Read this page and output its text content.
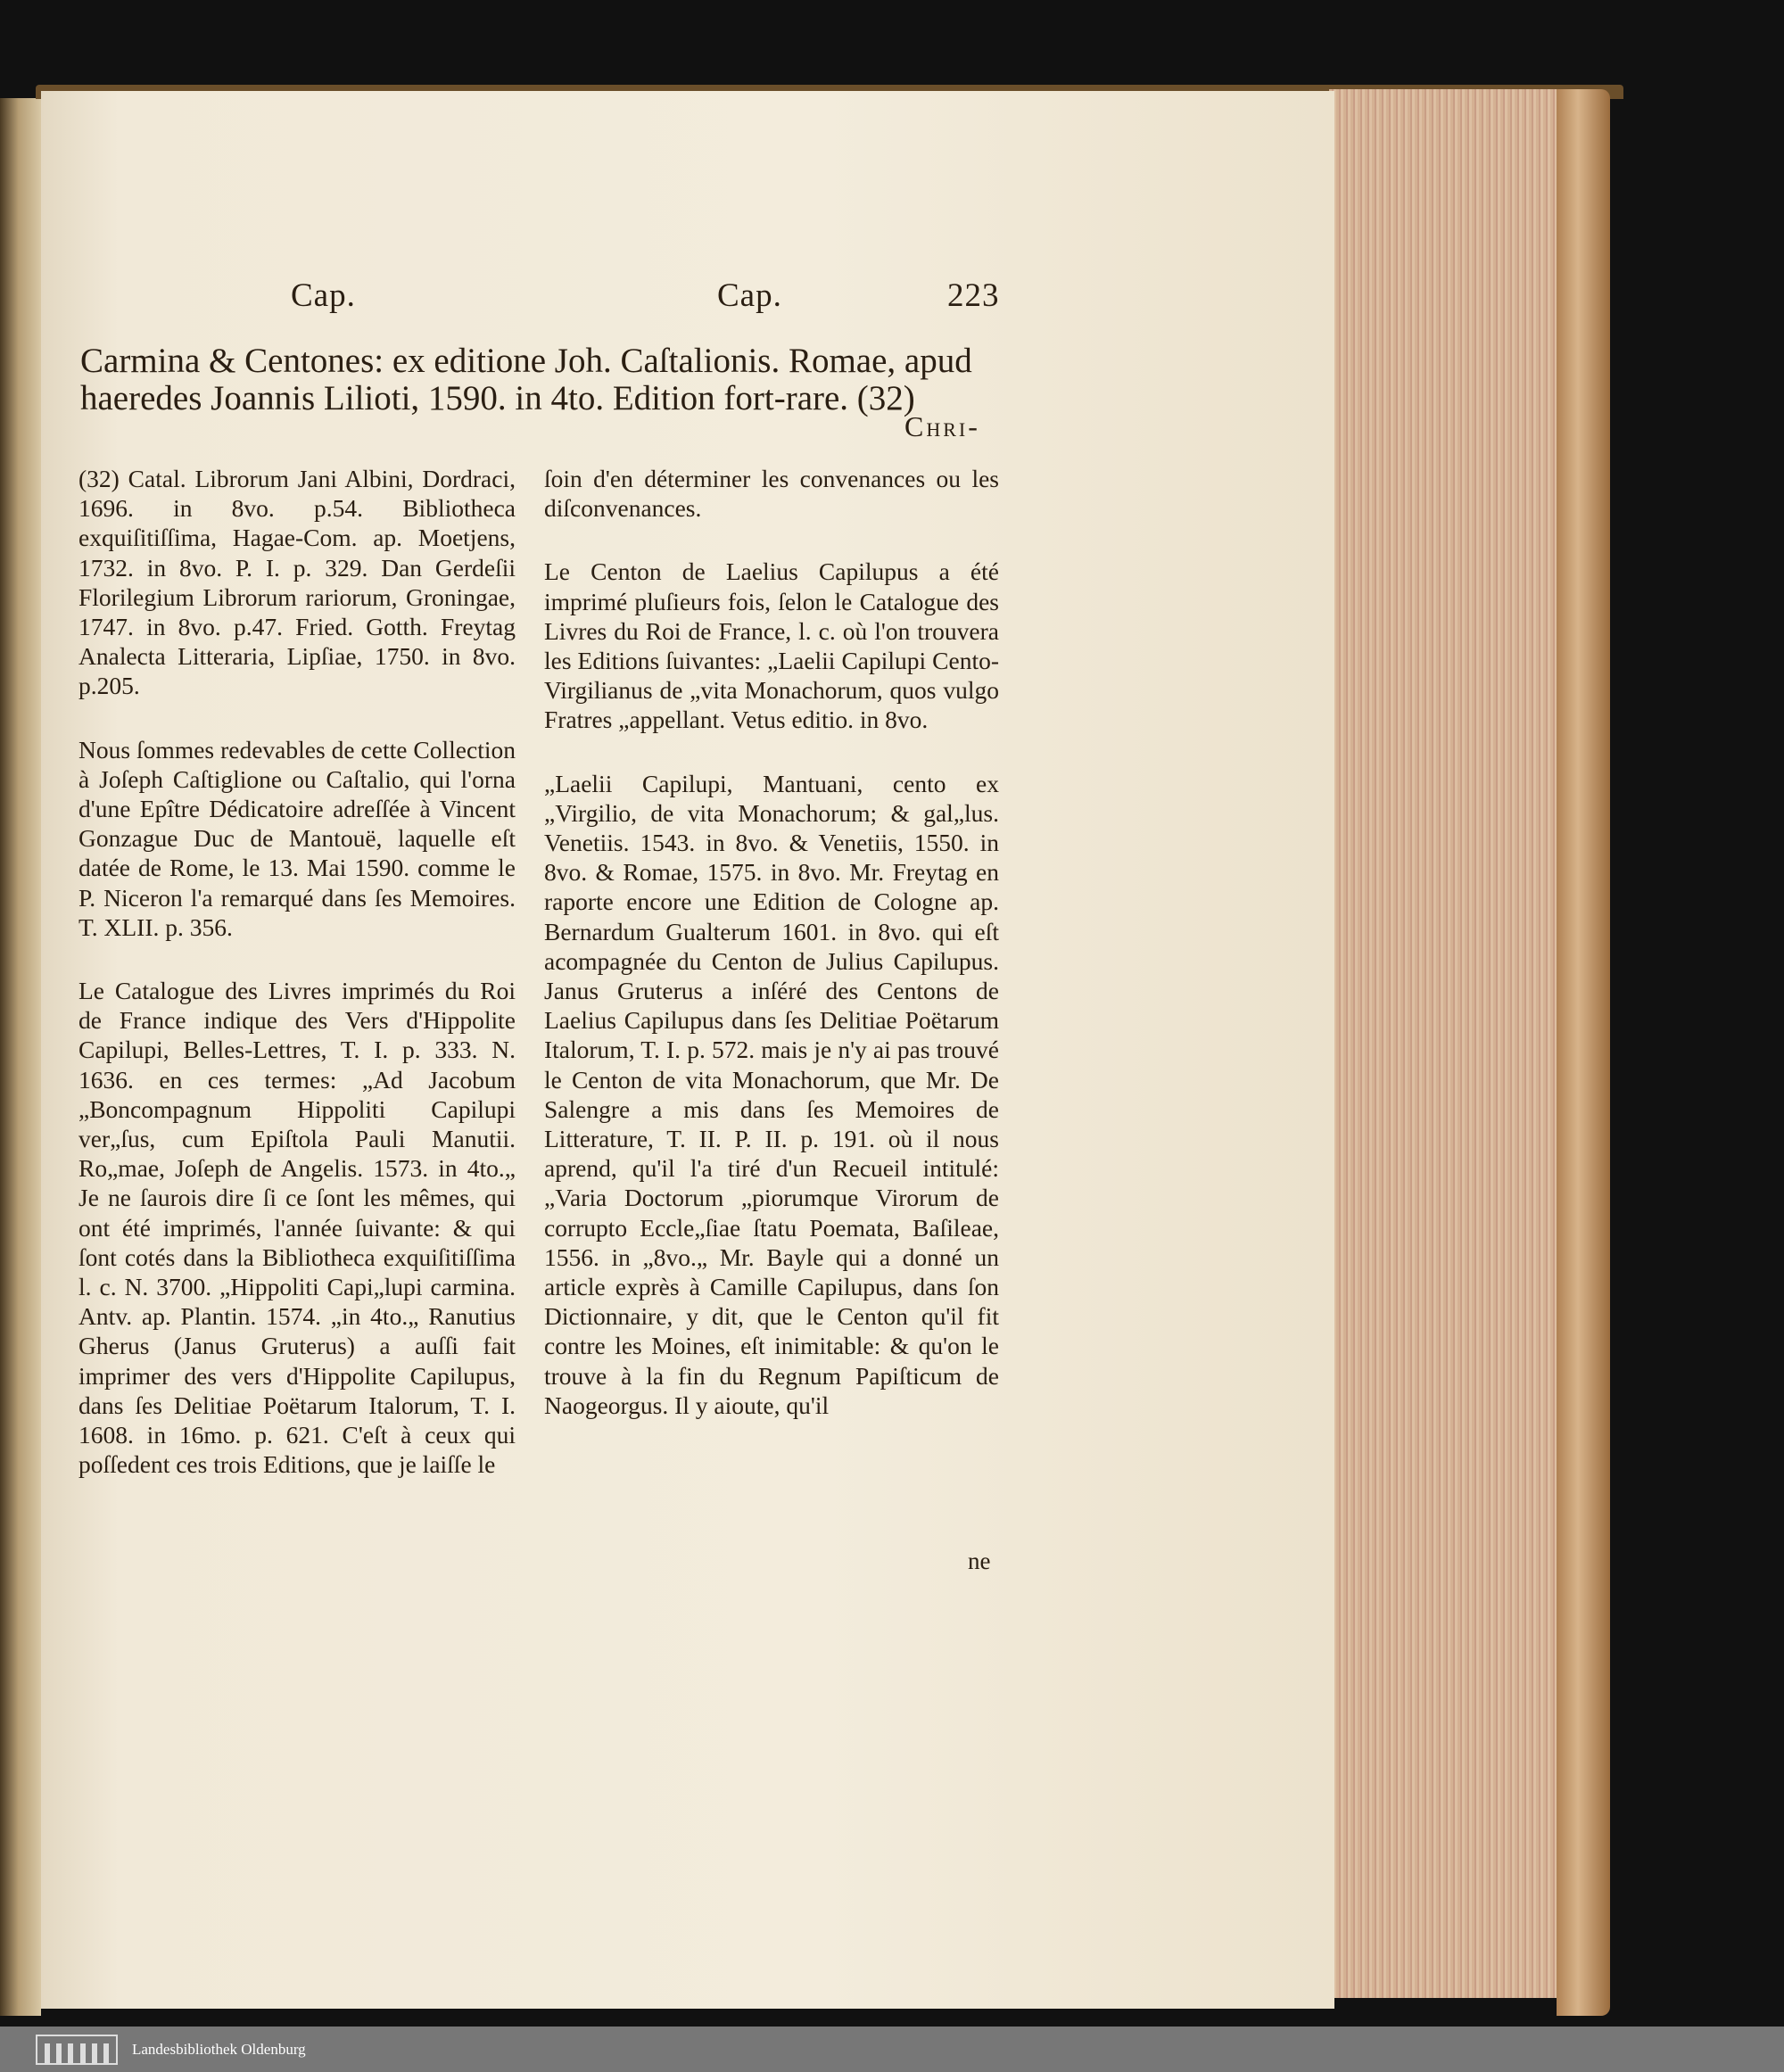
Cap.	Cap.	223
Carmina & Centones: ex editione Joh. Caſtalionis. Romae, apud
haeredes Joannis Lilioti, 1590. in 4to. Edition fort-rare. (32)
Chri-

(32) Catal. Librorum Jani Albini, Dordraci, 1696. in 8vo. p.54. Bibliotheca exquiſitiſſima, Hagae-Com. ap. Moetjens, 1732. in 8vo. P. I. p. 329. Dan Gerdeſii Florilegium Librorum rariorum, Groningae, 1747. in 8vo. p.47. Fried. Gotth. Freytag Analecta Litteraria, Lipſiae, 1750. in 8vo. p.205.

Nous ſommes redevables de cette Collection à Joſeph Caſtiglione ou Caſtalio, qui l'orna d'une Epître Dédicatoire adreſſée à Vincent Gonzague Duc de Mantouë, laquelle eſt datée de Rome, le 13. Mai 1590. comme le P. Niceron l'a remarqué dans ſes Memoires. T. XLII. p. 356.

Le Catalogue des Livres imprimés du Roi de France indique des Vers d'Hippolite Capilupi, Belles-Lettres, T. I. p. 333. N. 1636. en ces termes: „Ad Jacobum „Boncompagnum Hippoliti Capilupi ver„ſus, cum Epiſtola Pauli Manutii. Ro„mae, Joſeph de Angelis. 1573. in 4to.„ Je ne ſaurois dire ſi ce ſont les mêmes, qui ont été imprimés, l'année ſuivante: & qui ſont cotés dans la Bibliotheca exquiſitiſſima l. c. N. 3700. „Hippoliti Capi„lupi carmina. Antv. ap. Plantin. 1574. „in 4to.„ Ranutius Gherus (Janus Gruterus) a auſſi fait imprimer des vers d'Hippolite Capilupus, dans ſes Delitiae Poëtarum Italorum, T. I. 1608. in 16mo. p. 621. C'eſt à ceux qui poſſedent ces trois Editions, que je laiſſe le

ſoin d'en déterminer les convenances ou les diſconvenances.

Le Centon de Laelius Capilupus a été imprimé pluſieurs fois, ſelon le Catalogue des Livres du Roi de France, l. c. où l'on trouvera les Editions ſuivantes: „Laelii Capilupi Cento-Virgilianus de „vita Monachorum, quos vulgo Fratres „appellant. Vetus editio. in 8vo.

„Laelii Capilupi, Mantuani, cento ex „Virgilio, de vita Monachorum; & gal„lus. Venetiis. 1543. in 8vo. & Venetiis, 1550. in 8vo. & Romae, 1575. in 8vo. Mr. Freytag en raporte encore une Edition de Cologne ap. Bernardum Gualterum 1601. in 8vo. qui eſt acompagnée du Centon de Julius Capilupus. Janus Gruterus a inſéré des Centons de Laelius Capilupus dans ſes Delitiae Poëtarum Italorum, T. I. p. 572. mais je n'y ai pas trouvé le Centon de vita Monachorum, que Mr. De Salengre a mis dans ſes Memoires de Litterature, T. II. P. II. p. 191. où il nous aprend, qu'il l'a tiré d'un Recueil intitulé: „Varia Doctorum „piorumque Virorum de corrupto Eccle„ſiae ſtatu Poemata, Baſileae, 1556. in „8vo.„ Mr. Bayle qui a donné un article exprès à Camille Capilupus, dans ſon Dictionnaire, y dit, que le Centon qu'il fit contre les Moines, eſt inimitable: & qu'on le trouve à la fin du Regnum Papiſticum de Naogeorgus. Il y aioute, qu'il

ne
Landesbibliothek Oldenburg
